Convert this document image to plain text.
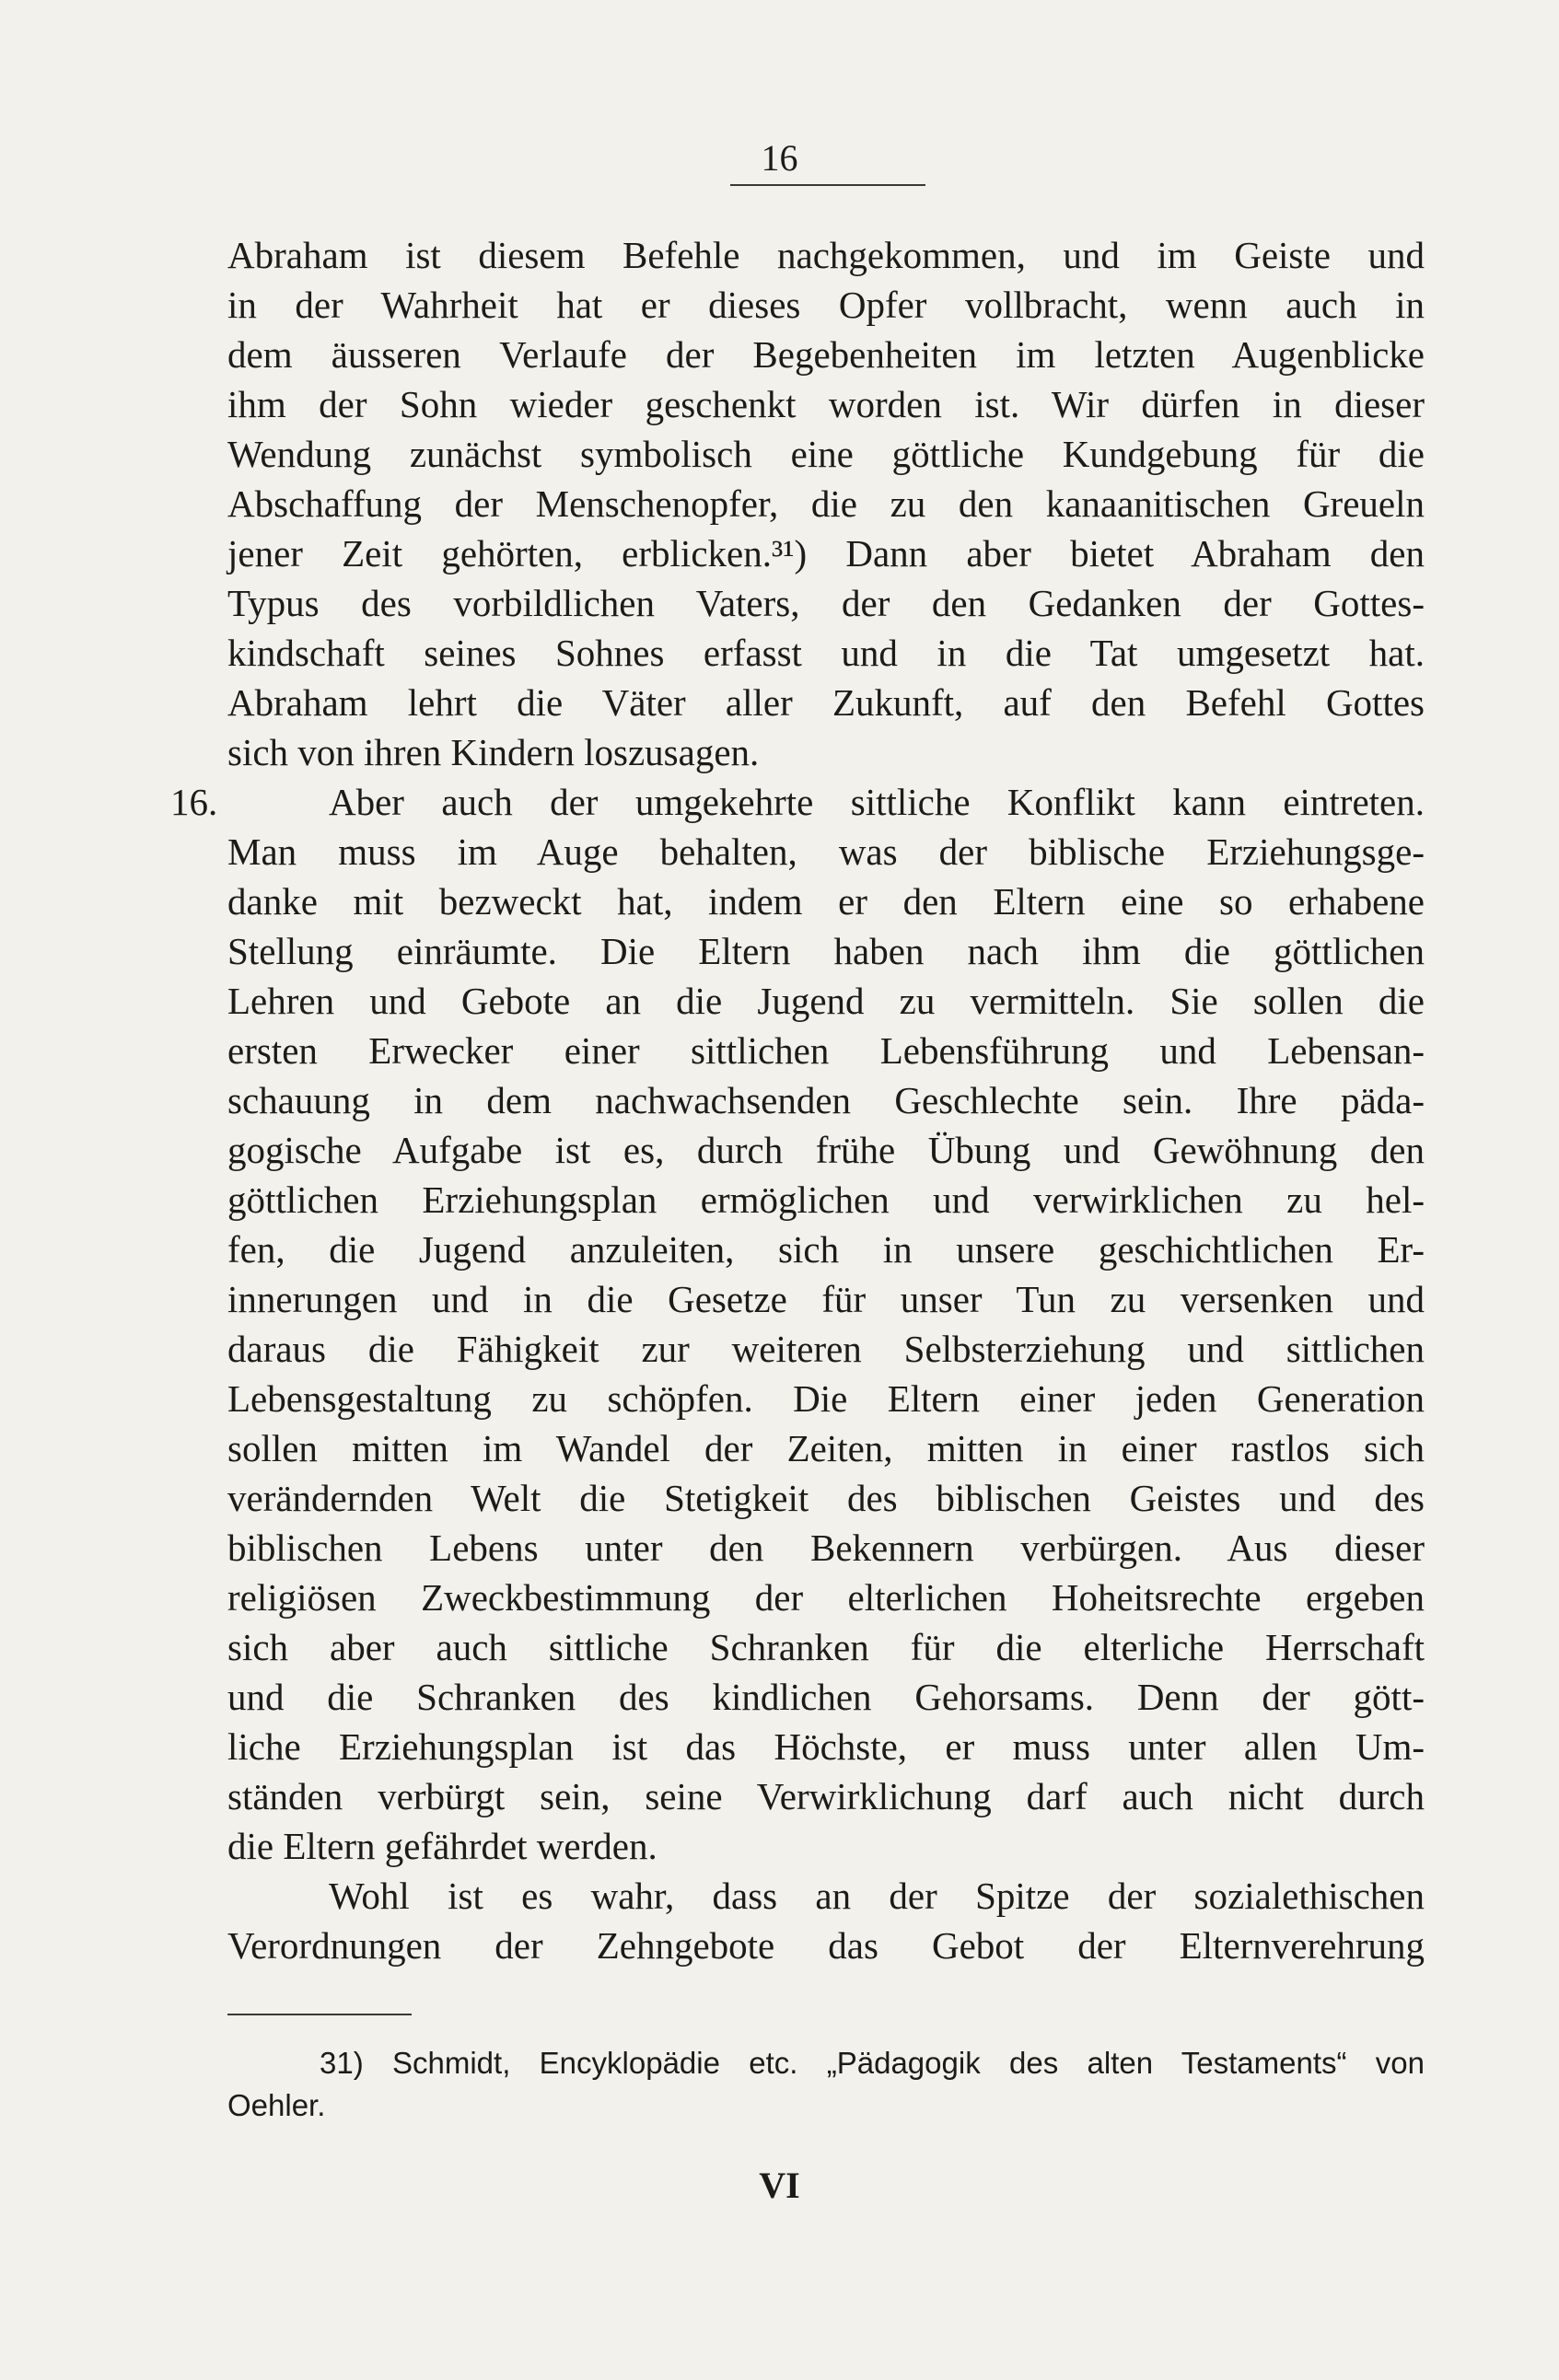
16
Abraham ist diesem Befehle nachgekommen, und im Geiste und
in der Wahrheit hat er dieses Opfer vollbracht, wenn auch in
dem äusseren Verlaufe der Begebenheiten im letzten Augenblicke
ihm der Sohn wieder geschenkt worden ist. Wir dürfen in dieser
Wendung zunächst symbolisch eine göttliche Kundgebung für die
Abschaffung der Menschenopfer, die zu den kanaanitischen Greueln
jener Zeit gehörten, erblicken.³¹) Dann aber bietet Abraham den
Typus des vorbildlichen Vaters, der den Gedanken der Gottes-
kindschaft seines Sohnes erfasst und in die Tat umgesetzt hat.
Abraham lehrt die Väter aller Zukunft, auf den Befehl Gottes
sich von ihren Kindern loszusagen.
16.	Aber auch der umgekehrte sittliche Konflikt kann eintreten.
Man muss im Auge behalten, was der biblische Erziehungsge-
danke mit bezweckt hat, indem er den Eltern eine so erhabene
Stellung einräumte. Die Eltern haben nach ihm die göttlichen
Lehren und Gebote an die Jugend zu vermitteln. Sie sollen die
ersten Erwecker einer sittlichen Lebensführung und Lebensan-
schauung in dem nachwachsenden Geschlechte sein. Ihre päda-
gogische Aufgabe ist es, durch frühe Übung und Gewöhnung den
göttlichen Erziehungsplan ermöglichen und verwirklichen zu hel-
fen, die Jugend anzuleiten, sich in unsere geschichtlichen Er-
innerungen und in die Gesetze für unser Tun zu versenken und
daraus die Fähigkeit zur weiteren Selbsterziehung und sittlichen
Lebensgestaltung zu schöpfen. Die Eltern einer jeden Generation
sollen mitten im Wandel der Zeiten, mitten in einer rastlos sich
verändernden Welt die Stetigkeit des biblischen Geistes und des
biblischen Lebens unter den Bekennern verbürgen. Aus dieser
religiösen Zweckbestimmung der elterlichen Hoheitsrechte ergeben
sich aber auch sittliche Schranken für die elterliche Herrschaft
und die Schranken des kindlichen Gehorsams. Denn der gött-
liche Erziehungsplan ist das Höchste, er muss unter allen Um-
ständen verbürgt sein, seine Verwirklichung darf auch nicht durch
die Eltern gefährdet werden.
Wohl ist es wahr, dass an der Spitze der sozialethischen
Verordnungen der Zehngebote das Gebot der Elternverehrung
31) Schmidt, Encyklopädie etc. „Pädagogik des alten Testaments“ von
Oehler.
VI
